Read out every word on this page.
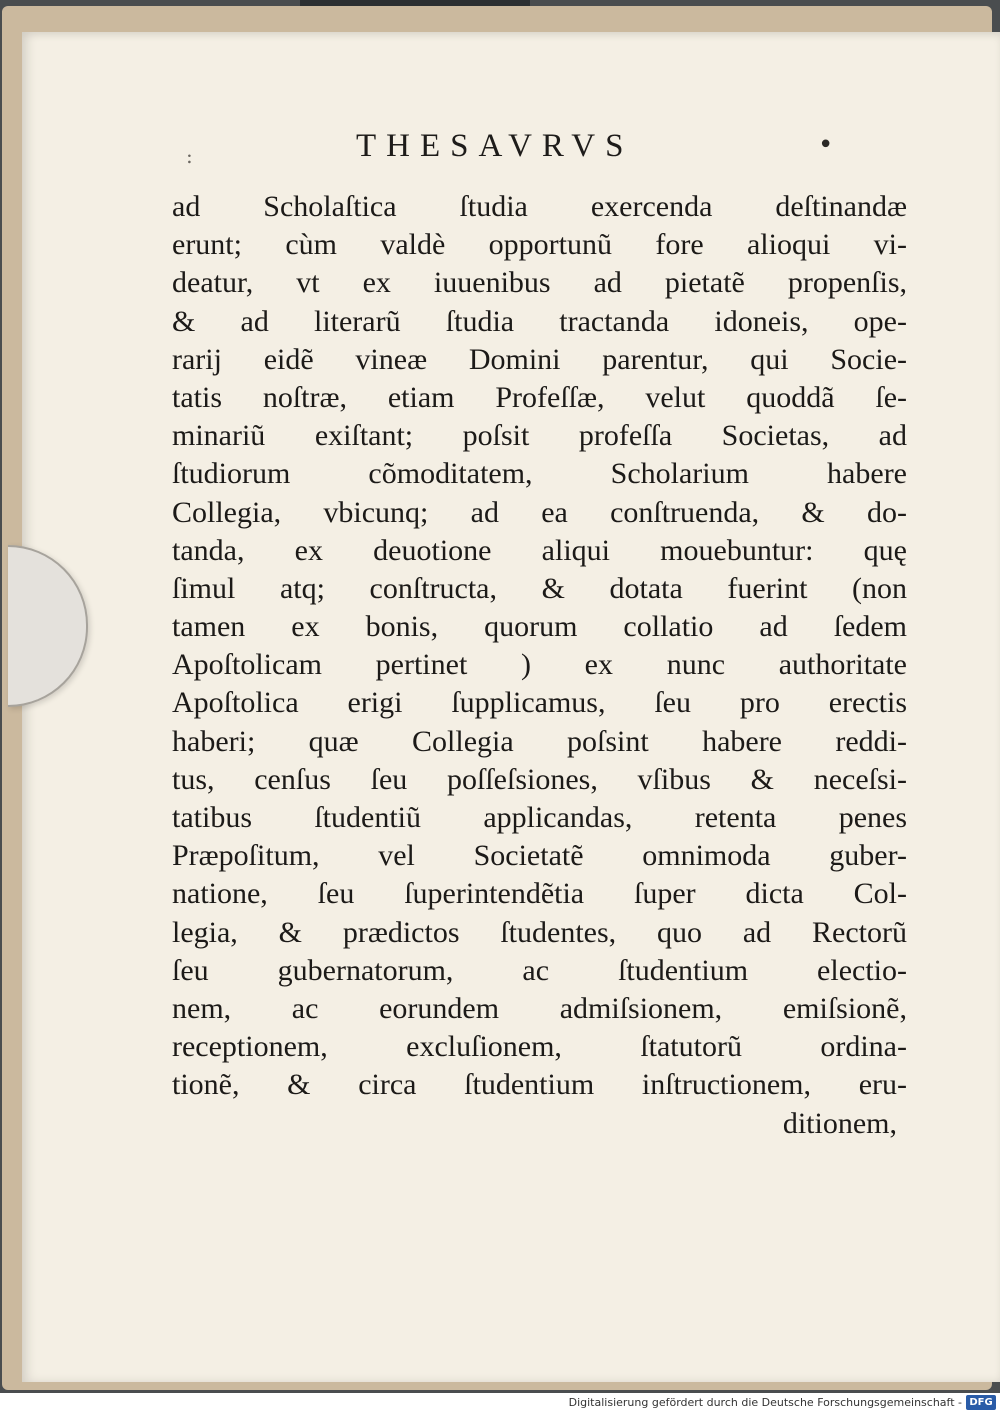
:	THESAVRVS	•
ad Scholaſtica ſtudia exercenda deſtinandæ
erunt; cùm valdè opportunũ fore alioqui vi-
deatur, vt ex iuuenibus ad pietatẽ propenſis,
& ad literarũ ſtudia tractanda idoneis, ope-
rarij eidẽ vineæ Domini parentur, qui Socie-
tatis noſtræ, etiam Profeſſæ, velut quoddã ſe-
minariũ exiſtant; poſsit profeſſa Societas, ad
ſtudiorum cõmoditatem, Scholarium habere
Collegia, vbicunq; ad ea conſtruenda, & do-
tanda, ex deuotione aliqui mouebuntur: quę
ſimul atq; conſtructa, & dotata fuerint (non
tamen ex bonis, quorum collatio ad ſedem
Apoſtolicam pertinet ) ex nunc authoritate
Apoſtolica erigi ſupplicamus, ſeu pro erectis
haberi; quæ Collegia poſsint habere reddi-
tus, cenſus ſeu poſſeſsiones, vſibus & neceſsi-
tatibus ſtudentiũ applicandas, retenta penes
Præpoſitum, vel Societatẽ omnimoda guber-
natione, ſeu ſuperintendẽtia ſuper dicta Col-
legia, & prædictos ſtudentes, quo ad Rectorũ
ſeu gubernatorum, ac ſtudentium electio-
nem, ac eorundem admiſsionem, emiſsionẽ,
receptionem, excluſionem, ſtatutorũ ordina-
tionẽ, & circa ſtudentium inſtructionem, eru-
ditionem,
Digitalisierung gefördert durch die Deutsche Forschungsgemeinschaft - DFG
